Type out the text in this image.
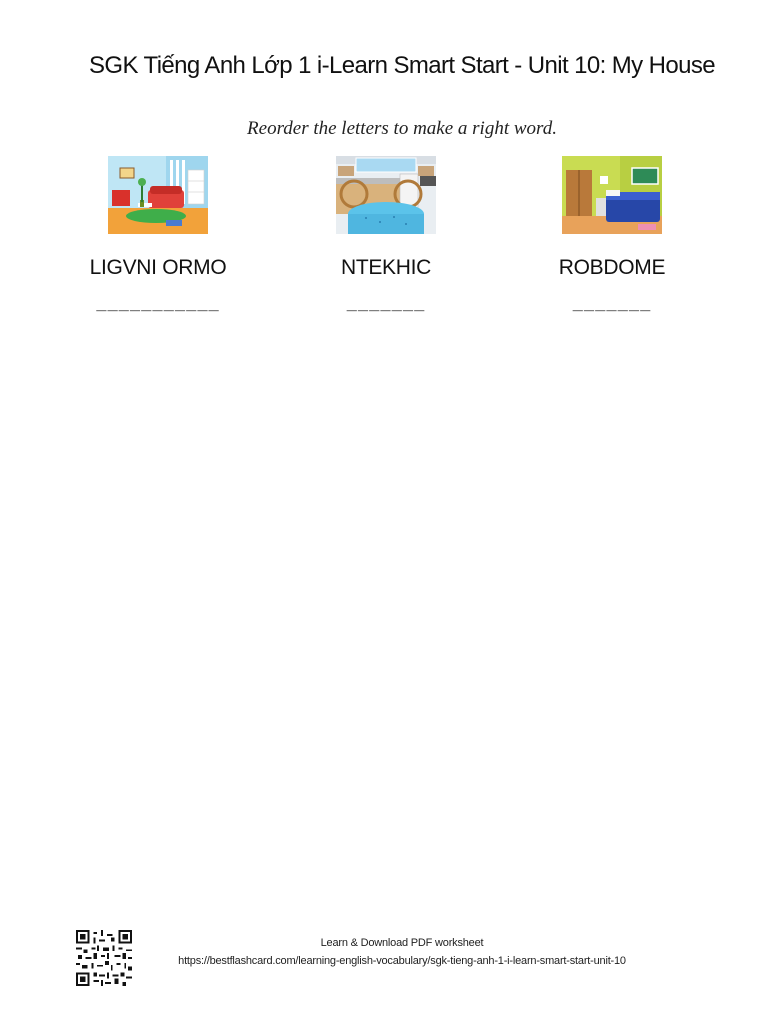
SGK Tiếng Anh Lớp 1 i-Learn Smart Start - Unit 10: My House
Reorder the letters to make a right word.
LIGVNI ORMO
___________
NTEKHIC
_______
ROBDOME
_______
Learn & Download PDF worksheet
https://bestflashcard.com/learning-english-vocabulary/sgk-tieng-anh-1-i-learn-smart-start-unit-10
